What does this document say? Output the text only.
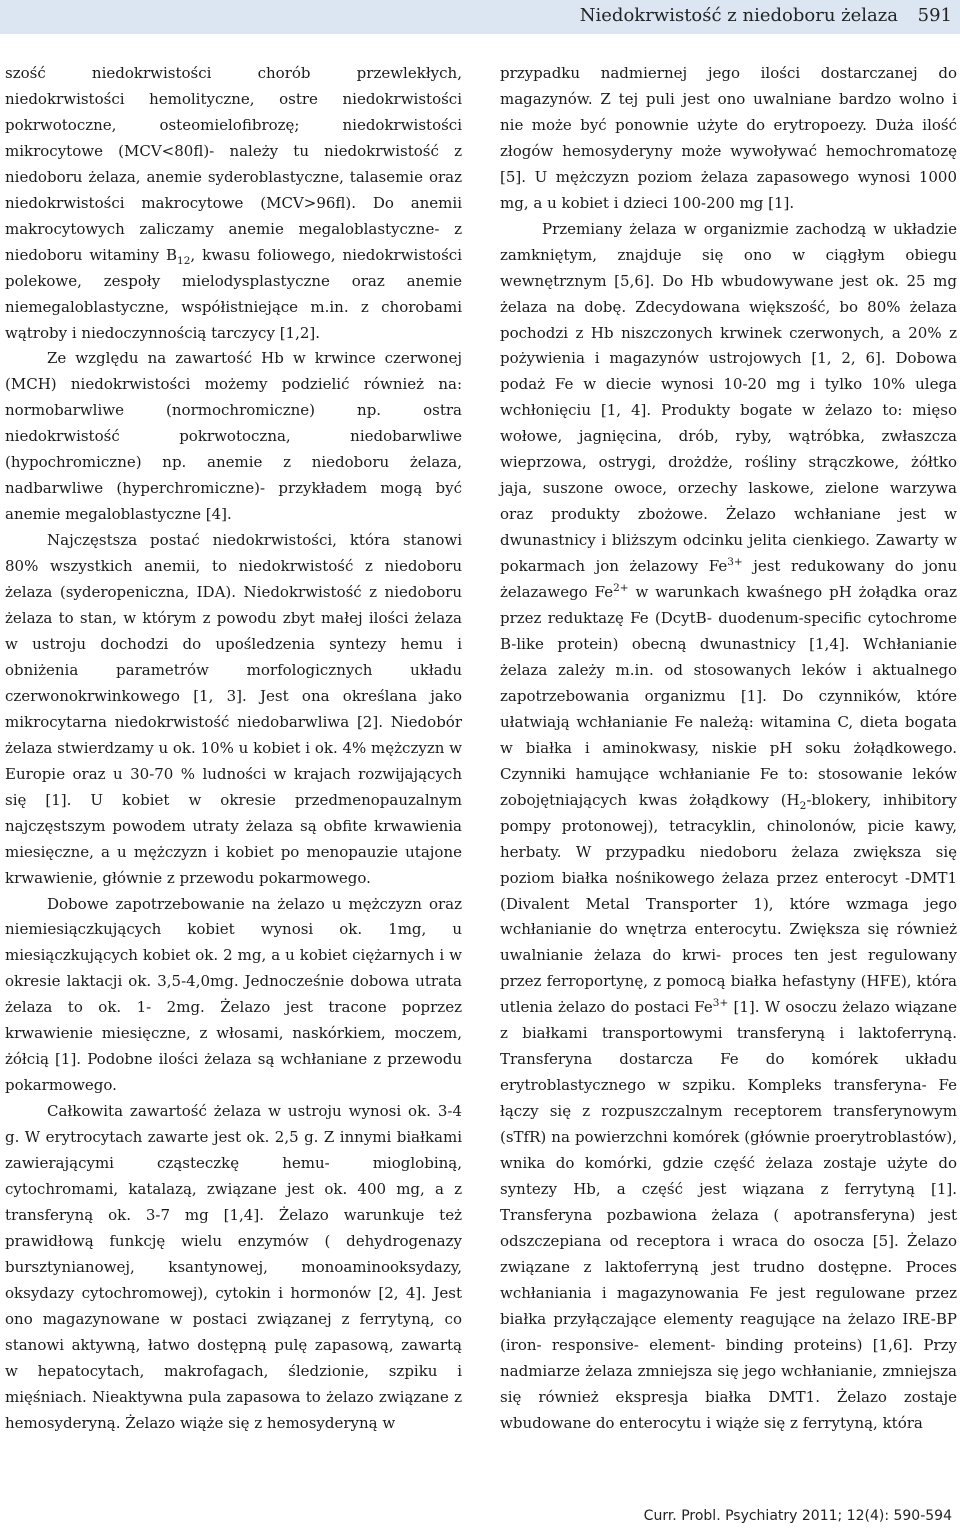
Niedokrwistość z niedoboru żelaza 591

szość niedokrwistości chorób przewlekłych, niedokrwistości hemolityczne, ostre niedokrwistości pokrwotoczne, osteomielofibrozę; niedokrwistości mikrocytowe (MCV<80fl)- należy tu niedokrwistość z niedoboru żelaza, anemie syderoblastyczne, talasemie oraz niedokrwistości makrocytowe (MCV>96fl). Do anemii makrocytowych zaliczamy anemie megaloblastyczne- z niedoboru witaminy $B_{12}$, kwasu foliowego, niedokrwistości polekowe, zespoły mielodysplastyczne oraz anemie niemegaloblastyczne, współistniejące m.in. z chorobami wątroby i niedoczynnością tarczycy [1,2].

Ze względu na zawartość Hb w krwince czerwonej (MCH) niedokrwistości możemy podzielić również na: normobarwliwe (normochromiczne) np. ostra niedokrwistość pokrwotoczna, niedobarwliwe (hypochromiczne) np. anemie z niedoboru żelaza, nadbarwliwe (hyperchromiczne)- przykładem mogą być anemie megaloblastyczne [4].

Najczęstsza postać niedokrwistości, która stanowi 80% wszystkich anemii, to niedokrwistość z niedoboru żelaza (syderopeniczna, IDA). Niedokrwistość z niedoboru żelaza to stan, w którym z powodu zbyt małej ilości żelaza w ustroju dochodzi do upośledzenia syntezy hemu i obniżenia parametrów morfologicznych układu czerwonokrwinkowego [1, 3]. Jest ona określana jako mikrocytarna niedokrwistość niedobarwliwa [2]. Niedobór żelaza stwierdzamy u ok. 10% u kobiet i ok. 4% mężczyzn w Europie oraz u 30-70 % ludności w krajach rozwijających się [1]. U kobiet w okresie przedmenopauzalnym najczęstszym powodem utraty żelaza są obfite krwawienia miesięczne, a u mężczyzn i kobiet po menopauzie utajone krwawienie, głównie z przewodu pokarmowego.

Dobowe zapotrzebowanie na żelazo u mężczyzn oraz niemiesiączkujących kobiet wynosi ok. 1mg, u miesiączkujących kobiet ok. 2 mg, a u kobiet ciężarnych i w okresie laktacji ok. 3,5-4,0mg. Jednocześnie dobowa utrata żelaza to ok. 1- 2mg. Żelazo jest tracone poprzez krwawienie miesięczne, z włosami, naskórkiem, moczem, żółcią [1]. Podobne ilości żelaza są wchłaniane z przewodu pokarmowego.

Całkowita zawartość żelaza w ustroju wynosi ok. 3-4 g. W erytrocytach zawarte jest ok. 2,5 g. Z innymi białkami zawierającymi cząsteczkę hemu- mioglobiną, cytochromami, katalazą, związane jest ok. 400 mg, a z transferyną ok. 3-7 mg [1,4]. Żelazo warunkuje też prawidłową funkcję wielu enzymów ( dehydrogenazy bursztynianowej, ksantynowej, monoaminooksydazy, oksydazy cytochromowej), cytokin i hormonów [2, 4]. Jest ono magazynowane w postaci związanej z ferrytyną, co stanowi aktywną, łatwo dostępną pulę zapasową, zawartą w hepatocytach, makrofagach, śledzionie, szpiku i mięśniach. Nieaktywna pula zapasowa to żelazo związane z hemosyderyną. Żelazo wiąże się z hemosyderyną w

przypadku nadmiernej jego ilości dostarczanej do magazynów. Z tej puli jest ono uwalniane bardzo wolno i nie może być ponownie użyte do erytropoezy. Duża ilość złogów hemosyderyny może wywoływać hemochromatozę [5]. U mężczyzn poziom żelaza zapasowego wynosi 1000 mg, a u kobiet i dzieci 100-200 mg [1].

Przemiany żelaza w organizmie zachodzą w układzie zamkniętym, znajduje się ono w ciągłym obiegu wewnętrznym [5,6]. Do Hb wbudowywane jest ok. 25 mg żelaza na dobę. Zdecydowana większość, bo 80% żelaza pochodzi z Hb niszczonych krwinek czerwonych, a 20% z pożywienia i magazynów ustrojowych [1, 2, 6]. Dobowa podaż Fe w diecie wynosi 10-20 mg i tylko 10% ulega wchłonięciu [1, 4]. Produkty bogate w żelazo to: mięso wołowe, jagnięcina, drób, ryby, wątróbka, zwłaszcza wieprzowa, ostrygi, drożdże, rośliny strączkowe, żółtko jaja, suszone owoce, orzechy laskowe, zielone warzywa oraz produkty zbożowe. Żelazo wchłaniane jest w dwunastnicy i bliższym odcinku jelita cienkiego. Zawarty w pokarmach jon żelazowy $Fe^{3+}$ jest redukowany do jonu żelazawego $Fe^{2+}$ w warunkach kwaśnego pH żołądka oraz przez reduktazę Fe (DcytB- duodenum-specific cytochrome B-like protein) obecną dwunastnicy [1,4]. Wchłanianie żelaza zależy m.in. od stosowanych leków i aktualnego zapotrzebowania organizmu [1]. Do czynników, które ułatwiają wchłanianie Fe należą: witamina C, dieta bogata w białka i aminokwasy, niskie pH soku żołądkowego. Czynniki hamujące wchłanianie Fe to: stosowanie leków zobojętniających kwas żołądkowy ($H_2$-blokery, inhibitory pompy protonowej), tetracyklin, chinolonów, picie kawy, herbaty. W przypadku niedoboru żelaza zwiększa się poziom białka nośnikowego żelaza przez enterocyt -DMT1 (Divalent Metal Transporter 1), które wzmaga jego wchłanianie do wnętrza enterocytu. Zwiększa się również uwalnianie żelaza do krwi- proces ten jest regulowany przez ferroportynę, z pomocą białka hefastyny (HFE), która utlenia żelazo do postaci $Fe^{3+}$ [1]. W osoczu żelazo wiązane z białkami transportowymi transferyną i laktoferryną. Transferyna dostarcza Fe do komórek układu erytroblastycznego w szpiku. Kompleks transferyna- Fe łączy się z rozpuszczalnym receptorem transferynowym (sTfR) na powierzchni komórek (głównie proerytroblastów), wnika do komórki, gdzie część żelaza zostaje użyte do syntezy Hb, a część jest wiązana z ferrytyną [1]. Transferyna pozbawiona żelaza ( apotransferyna) jest odszczepiana od receptora i wraca do osocza [5]. Żelazo związane z laktoferryną jest trudno dostępne. Proces wchłaniania i magazynowania Fe jest regulowane przez białka przyłączające elementy reagujące na żelazo IRE-BP (iron- responsive- element- binding proteins) [1,6]. Przy nadmiarze żelaza zmniejsza się jego wchłanianie, zmniejsza się również ekspresja białka DMT1. Żelazo zostaje wbudowane do enterocytu i wiąże się z ferrytyną, która

Curr. Probl. Psychiatry 2011; 12(4): 590-594
